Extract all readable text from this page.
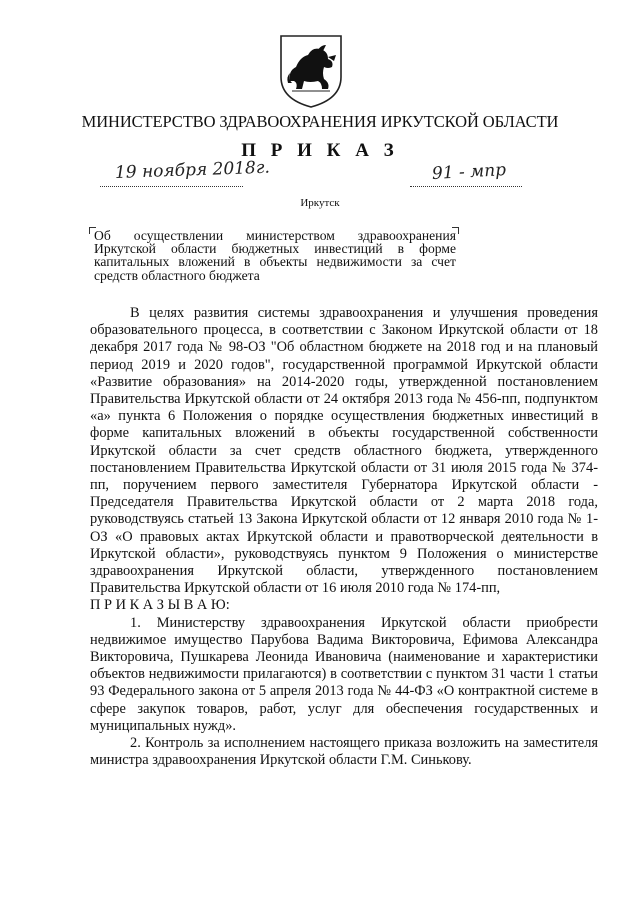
МИНИСТЕРСТВО ЗДРАВООХРАНЕНИЯ ИРКУТСКОЙ ОБЛАСТИ
П Р И К А З
19 ноября 2018г.	91 - мпр
Иркутск
Об осуществлении министерством здравоохранения Иркутской области бюджетных инвестиций в форме капитальных вложений в объекты недвижимости за счет средств областного бюджета

В целях развития системы здравоохранения и улучшения проведения образовательного процесса, в соответствии с Законом Иркутской области от 18 декабря 2017 года № 98-ОЗ "Об областном бюджете на 2018 год и на плановый период 2019 и 2020 годов", государственной программой Иркутской области «Развитие образования» на 2014-2020 годы, утвержденной постановлением Правительства Иркутской области от 24 октября 2013 года № 456-пп, подпунктом «а» пункта 6 Положения о порядке осуществления бюджетных инвестиций в форме капитальных вложений в объекты государственной собственности Иркутской области за счет средств областного бюджета, утвержденного постановлением Правительства Иркутской области от 31 июля 2015 года № 374-пп, поручением первого заместителя Губернатора Иркутской области - Председателя Правительства Иркутской области от 2 марта 2018 года, руководствуясь статьей 13 Закона Иркутской области от 12 января 2010 года № 1-ОЗ «О правовых актах Иркутской области и правотворческой деятельности в Иркутской области», руководствуясь пунктом 9 Положения о министерстве здравоохранения Иркутской области, утвержденного постановлением Правительства Иркутской области от 16 июля 2010 года № 174-пп,

П Р И К А З Ы В А Ю:

1. Министерству здравоохранения Иркутской области приобрести недвижимое имущество Парубова Вадима Викторовича, Ефимова Александра Викторовича, Пушкарева Леонида Ивановича (наименование и характеристики объектов недвижимости прилагаются) в соответствии с пунктом 31 части 1 статьи 93 Федерального закона от 5 апреля 2013 года № 44-ФЗ «О контрактной системе в сфере закупок товаров, работ, услуг для обеспечения государственных и муниципальных нужд».

2. Контроль за исполнением настоящего приказа возложить на заместителя министра здравоохранения Иркутской области Г.М. Синькову.
